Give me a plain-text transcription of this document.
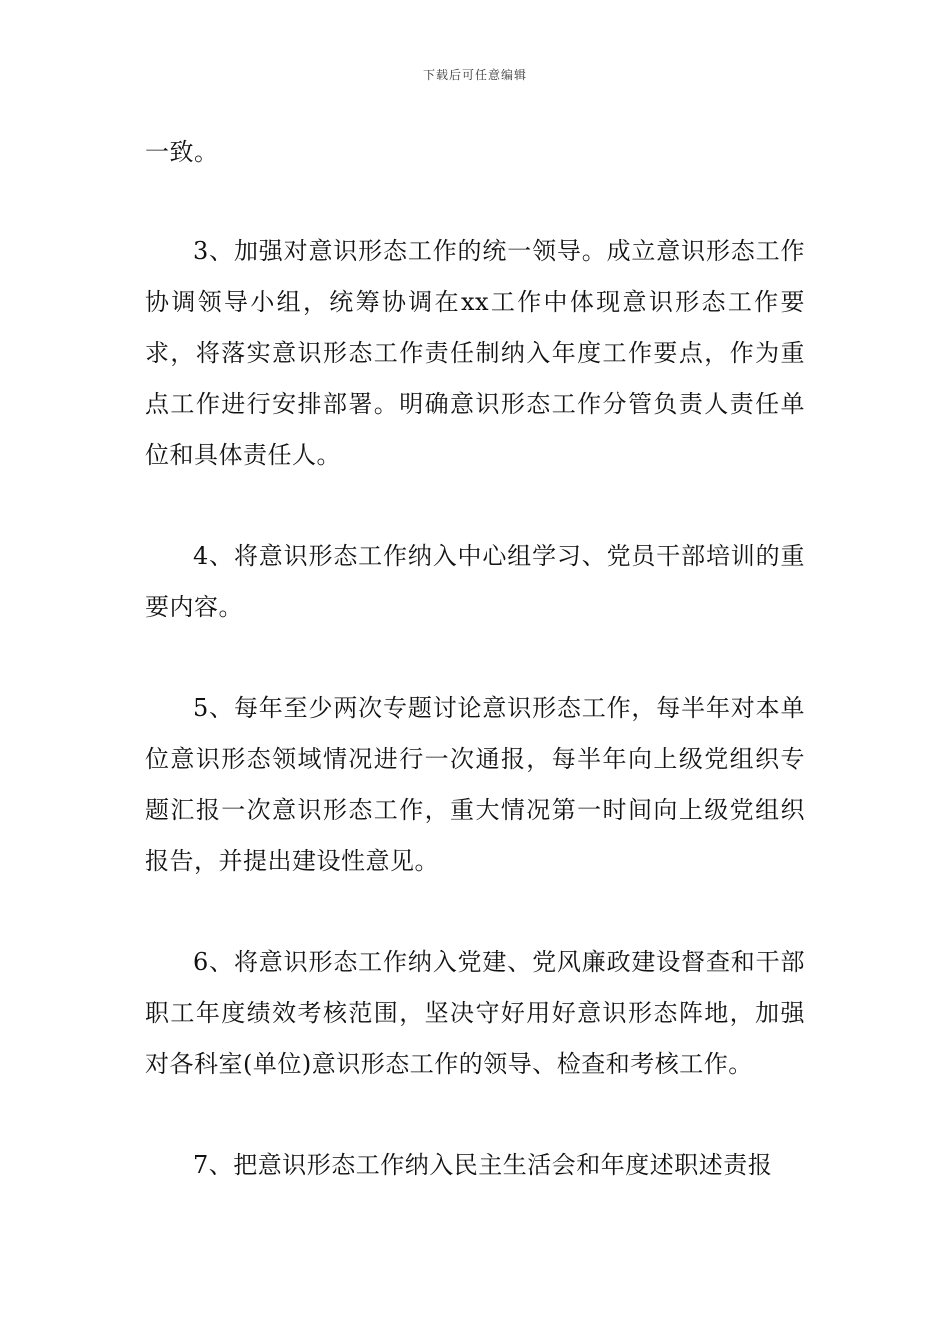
下载后可任意编辑

一致。

3、加强对意识形态工作的统一领导。成立意识形态工作协调领导小组，统筹协调在xx工作中体现意识形态工作要求，将落实意识形态工作责任制纳入年度工作要点，作为重点工作进行安排部署。明确意识形态工作分管负责人责任单位和具体责任人。

4、将意识形态工作纳入中心组学习、党员干部培训的重要内容。

5、每年至少两次专题讨论意识形态工作，每半年对本单位意识形态领域情况进行一次通报，每半年向上级党组织专题汇报一次意识形态工作，重大情况第一时间向上级党组织报告，并提出建设性意见。

6、将意识形态工作纳入党建、党风廉政建设督查和干部职工年度绩效考核范围，坚决守好用好意识形态阵地，加强对各科室(单位)意识形态工作的领导、检查和考核工作。

7、把意识形态工作纳入民主生活会和年度述职述责报
